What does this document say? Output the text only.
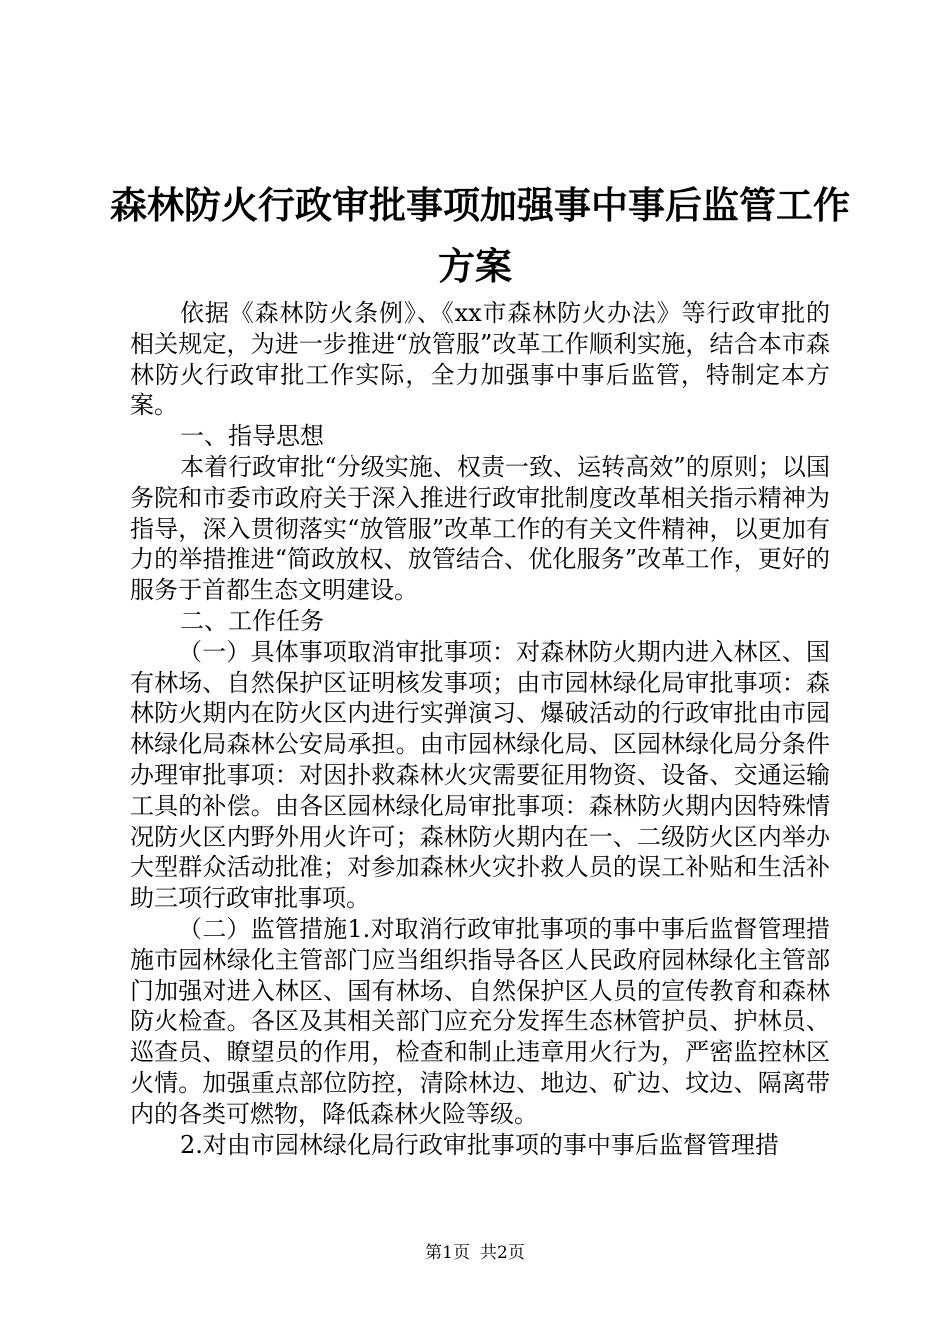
森林防火行政审批事项加强事中事后监管工作
方案

依据《森林防火条例》、《xx市森林防火办法》等行政审批的相关规定，为进一步推进“放管服”改革工作顺利实施，结合本市森林防火行政审批工作实际，全力加强事中事后监管，特制定本方案。

一、指导思想

本着行政审批“分级实施、权责一致、运转高效”的原则；以国务院和市委市政府关于深入推进行政审批制度改革相关指示精神为指导，深入贯彻落实“放管服”改革工作的有关文件精神，以更加有力的举措推进“简政放权、放管结合、优化服务”改革工作，更好的服务于首都生态文明建设。

二、工作任务

（一）具体事项取消审批事项：对森林防火期内进入林区、国有林场、自然保护区证明核发事项；由市园林绿化局审批事项：森林防火期内在防火区内进行实弹演习、爆破活动的行政审批由市园林绿化局森林公安局承担。由市园林绿化局、区园林绿化局分条件办理审批事项：对因扑救森林火灾需要征用物资、设备、交通运输工具的补偿。由各区园林绿化局审批事项：森林防火期内因特殊情况防火区内野外用火许可；森林防火期内在一、二级防火区内举办大型群众活动批准；对参加森林火灾扑救人员的误工补贴和生活补助三项行政审批事项。

（二）监管措施1.对取消行政审批事项的事中事后监督管理措施市园林绿化主管部门应当组织指导各区人民政府园林绿化主管部门加强对进入林区、国有林场、自然保护区人员的宣传教育和森林防火检查。各区及其相关部门应充分发挥生态林管护员、护林员、巡查员、瞭望员的作用，检查和制止违章用火行为，严密监控林区火情。加强重点部位防控，清除林边、地边、矿边、坟边、隔离带内的各类可燃物，降低森林火险等级。

2.对由市园林绿化局行政审批事项的事中事后监督管理措

第1页 共2页
